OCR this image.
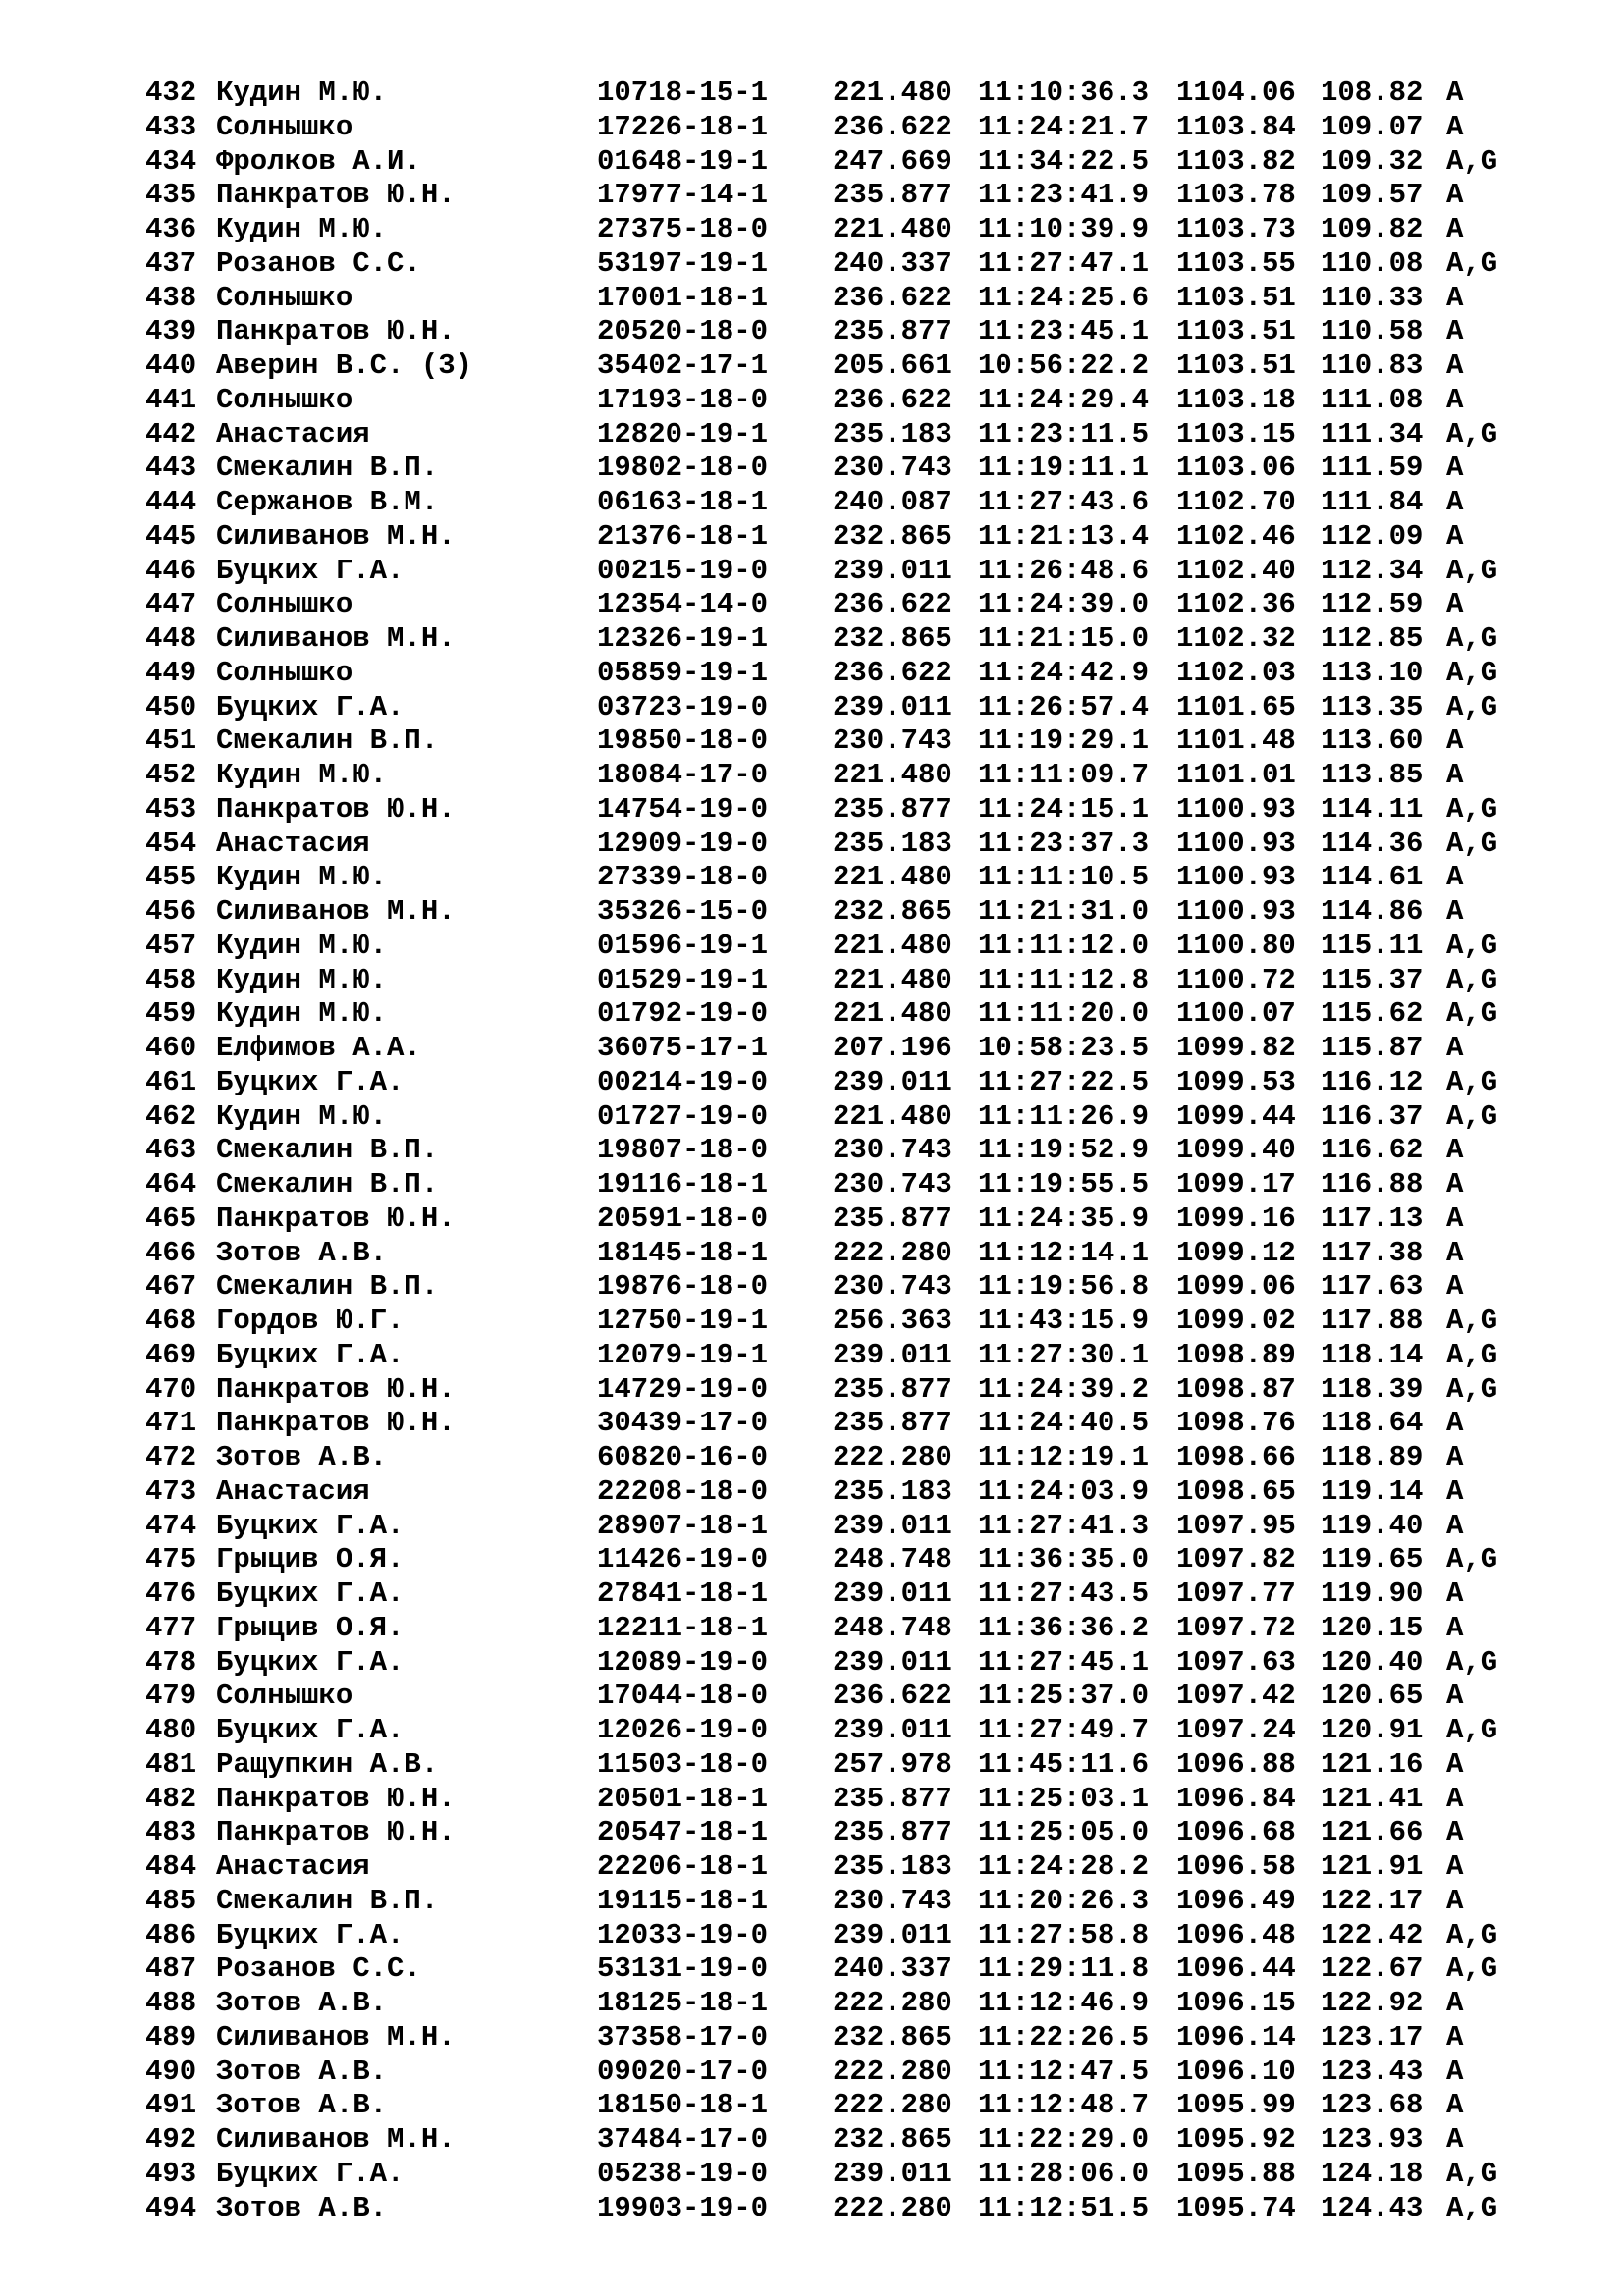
432 Кудин М.Ю.	10718-15-1 221.480 11:10:36.3 1104.06 108.82 A
433 Солнышко	17226-18-1 236.622 11:24:21.7 1103.84 109.07 A
434 Фролков А.И.	01648-19-1 247.669 11:34:22.5 1103.82 109.32 A,G
435 Панкратов Ю.Н.	17977-14-1 235.877 11:23:41.9 1103.78 109.57 A
436 Кудин М.Ю.	27375-18-0 221.480 11:10:39.9 1103.73 109.82 A
437 Розанов С.С.	53197-19-1 240.337 11:27:47.1 1103.55 110.08 A,G
438 Солнышко	17001-18-1 236.622 11:24:25.6 1103.51 110.33 A
439 Панкратов Ю.Н.	20520-18-0 235.877 11:23:45.1 1103.51 110.58 A
440 Аверин В.С. (3)	35402-17-1 205.661 10:56:22.2 1103.51 110.83 A
441 Солнышко	17193-18-0 236.622 11:24:29.4 1103.18 111.08 A
442 Анастасия	12820-19-1 235.183 11:23:11.5 1103.15 111.34 A,G
443 Смекалин В.П.	19802-18-0 230.743 11:19:11.1 1103.06 111.59 A
444 Сержанов В.М.	06163-18-1 240.087 11:27:43.6 1102.70 111.84 A
445 Силиванов М.Н.	21376-18-1 232.865 11:21:13.4 1102.46 112.09 A
446 Буцких Г.А.	00215-19-0 239.011 11:26:48.6 1102.40 112.34 A,G
447 Солнышко	12354-14-0 236.622 11:24:39.0 1102.36 112.59 A
448 Силиванов М.Н.	12326-19-1 232.865 11:21:15.0 1102.32 112.85 A,G
449 Солнышко	05859-19-1 236.622 11:24:42.9 1102.03 113.10 A,G
450 Буцких Г.А.	03723-19-0 239.011 11:26:57.4 1101.65 113.35 A,G
451 Смекалин В.П.	19850-18-0 230.743 11:19:29.1 1101.48 113.60 A
452 Кудин М.Ю.	18084-17-0 221.480 11:11:09.7 1101.01 113.85 A
453 Панкратов Ю.Н.	14754-19-0 235.877 11:24:15.1 1100.93 114.11 A,G
454 Анастасия	12909-19-0 235.183 11:23:37.3 1100.93 114.36 A,G
455 Кудин М.Ю.	27339-18-0 221.480 11:11:10.5 1100.93 114.61 A
456 Силиванов М.Н.	35326-15-0 232.865 11:21:31.0 1100.93 114.86 A
457 Кудин М.Ю.	01596-19-1 221.480 11:11:12.0 1100.80 115.11 A,G
458 Кудин М.Ю.	01529-19-1 221.480 11:11:12.8 1100.72 115.37 A,G
459 Кудин М.Ю.	01792-19-0 221.480 11:11:20.0 1100.07 115.62 A,G
460 Елфимов А.А.	36075-17-1 207.196 10:58:23.5 1099.82 115.87 A
461 Буцких Г.А.	00214-19-0 239.011 11:27:22.5 1099.53 116.12 A,G
462 Кудин М.Ю.	01727-19-0 221.480 11:11:26.9 1099.44 116.37 A,G
463 Смекалин В.П.	19807-18-0 230.743 11:19:52.9 1099.40 116.62 A
464 Смекалин В.П.	19116-18-1 230.743 11:19:55.5 1099.17 116.88 A
465 Панкратов Ю.Н.	20591-18-0 235.877 11:24:35.9 1099.16 117.13 A
466 Зотов А.В.	18145-18-1 222.280 11:12:14.1 1099.12 117.38 A
467 Смекалин В.П.	19876-18-0 230.743 11:19:56.8 1099.06 117.63 A
468 Гордов Ю.Г.	12750-19-1 256.363 11:43:15.9 1099.02 117.88 A,G
469 Буцких Г.А.	12079-19-1 239.011 11:27:30.1 1098.89 118.14 A,G
470 Панкратов Ю.Н.	14729-19-0 235.877 11:24:39.2 1098.87 118.39 A,G
471 Панкратов Ю.Н.	30439-17-0 235.877 11:24:40.5 1098.76 118.64 A
472 Зотов А.В.	60820-16-0 222.280 11:12:19.1 1098.66 118.89 A
473 Анастасия	22208-18-0 235.183 11:24:03.9 1098.65 119.14 A
474 Буцких Г.А.	28907-18-1 239.011 11:27:41.3 1097.95 119.40 A
475 Грыцив О.Я.	11426-19-0 248.748 11:36:35.0 1097.82 119.65 A,G
476 Буцких Г.А.	27841-18-1 239.011 11:27:43.5 1097.77 119.90 A
477 Грыцив О.Я.	12211-18-1 248.748 11:36:36.2 1097.72 120.15 A
478 Буцких Г.А.	12089-19-0 239.011 11:27:45.1 1097.63 120.40 A,G
479 Солнышко	17044-18-0 236.622 11:25:37.0 1097.42 120.65 A
480 Буцких Г.А.	12026-19-0 239.011 11:27:49.7 1097.24 120.91 A,G
481 Ращупкин А.В.	11503-18-0 257.978 11:45:11.6 1096.88 121.16 A
482 Панкратов Ю.Н.	20501-18-1 235.877 11:25:03.1 1096.84 121.41 A
483 Панкратов Ю.Н.	20547-18-1 235.877 11:25:05.0 1096.68 121.66 A
484 Анастасия	22206-18-1 235.183 11:24:28.2 1096.58 121.91 A
485 Смекалин В.П.	19115-18-1 230.743 11:20:26.3 1096.49 122.17 A
486 Буцких Г.А.	12033-19-0 239.011 11:27:58.8 1096.48 122.42 A,G
487 Розанов С.С.	53131-19-0 240.337 11:29:11.8 1096.44 122.67 A,G
488 Зотов А.В.	18125-18-1 222.280 11:12:46.9 1096.15 122.92 A
489 Силиванов М.Н.	37358-17-0 232.865 11:22:26.5 1096.14 123.17 A
490 Зотов А.В.	09020-17-0 222.280 11:12:47.5 1096.10 123.43 A
491 Зотов А.В.	18150-18-1 222.280 11:12:48.7 1095.99 123.68 A
492 Силиванов М.Н.	37484-17-0 232.865 11:22:29.0 1095.92 123.93 A
493 Буцких Г.А.	05238-19-0 239.011 11:28:06.0 1095.88 124.18 A,G
494 Зотов А.В.	19903-19-0 222.280 11:12:51.5 1095.74 124.43 A,G
